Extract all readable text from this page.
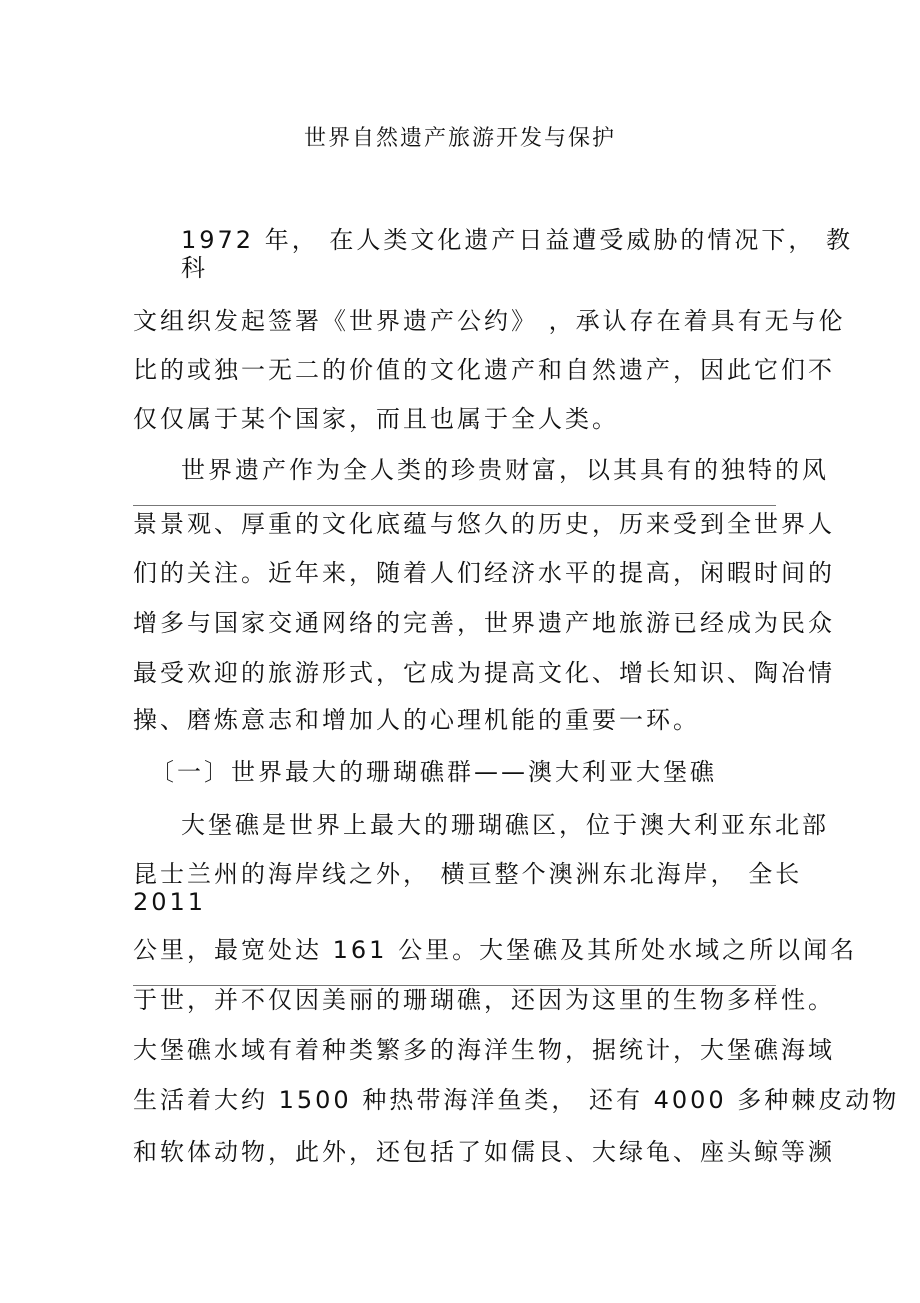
世界自然遗产旅游开发与保护
1972 年， 在人类文化遗产日益遭受威胁的情况下， 教
科
文组织发起签署《世界遗产公约》 ，承认存在着具有无与伦
比的或独一无二的价值的文化遗产和自然遗产，因此它们不
仅仅属于某个国家，而且也属于全人类。
世界遗产作为全人类的珍贵财富，以其具有的独特的风
景景观、厚重的文化底蕴与悠久的历史，历来受到全世界人
们的关注。近年来，随着人们经济水平的提高，闲暇时间的
增多与国家交通网络的完善，世界遗产地旅游已经成为民众
最受欢迎的旅游形式，它成为提高文化、增长知识、陶冶情
操、磨炼意志和增加人的心理机能的重要一环。
〔一〕世界最大的珊瑚礁群——澳大利亚大堡礁
大堡礁是世界上最大的珊瑚礁区，位于澳大利亚东北部
昆士兰州的海岸线之外， 横亘整个澳洲东北海岸， 全长
2011
公里，最宽处达 161 公里。大堡礁及其所处水域之所以闻名
于世，并不仅因美丽的珊瑚礁，还因为这里的生物多样性。
大堡礁水域有着种类繁多的海洋生物，据统计，大堡礁海域
生活着大约 1500 种热带海洋鱼类， 还有 4000 多种棘皮动物
和软体动物，此外，还包括了如儒艮、大绿龟、座头鲸等濒
